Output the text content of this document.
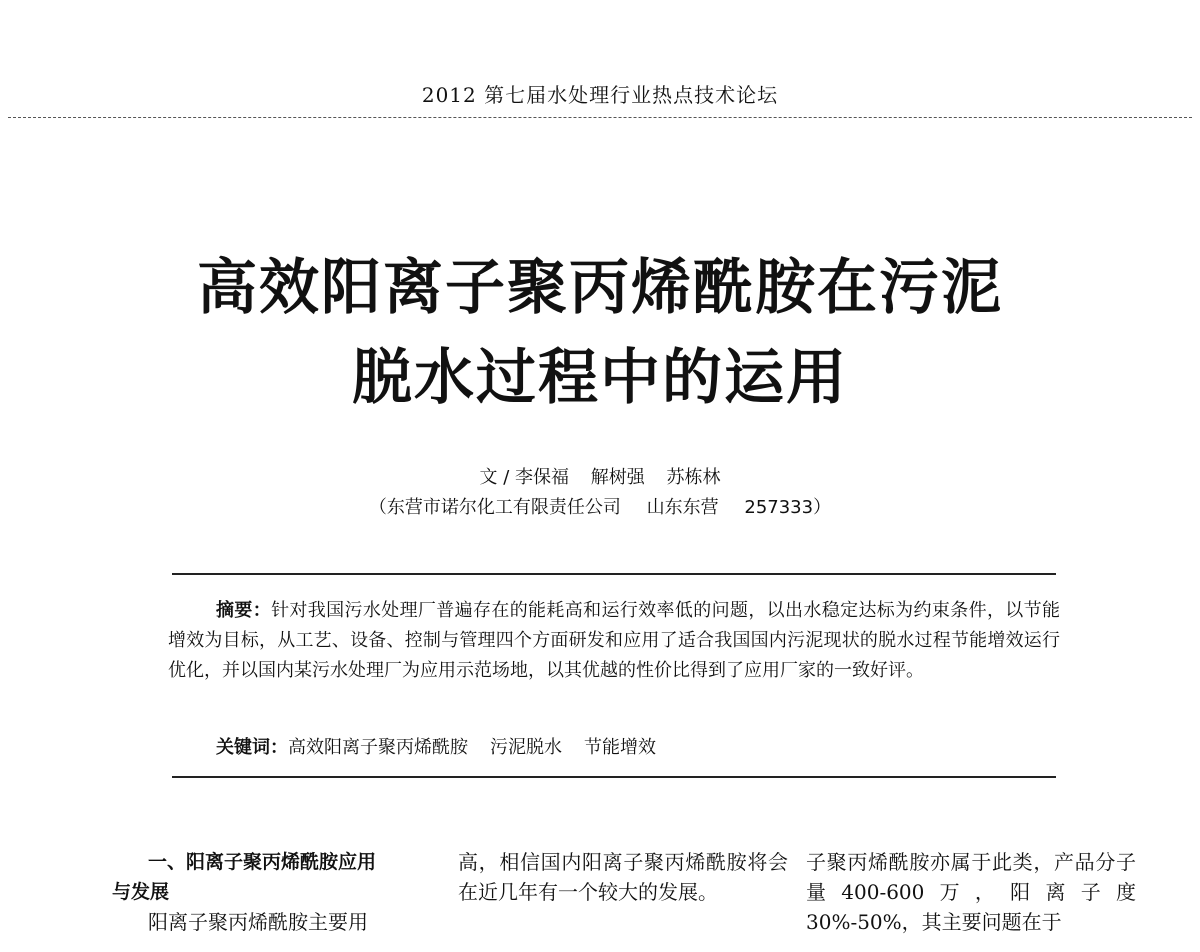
2012 第七届水处理行业热点技术论坛
高效阳离子聚丙烯酰胺在污泥
脱水过程中的运用
文 / 李保福 解树强 苏栋林
（东营市诺尔化工有限责任公司 山东东营 257333）
摘要：针对我国污水处理厂普遍存在的能耗高和运行效率低的问题，以出水稳定达标为约束条件，以节能增效为目标，从工艺、设备、控制与管理四个方面研发和应用了适合我国国内污泥现状的脱水过程节能增效运行优化，并以国内某污水处理厂为应用示范场地，以其优越的性价比得到了应用厂家的一致好评。
关键词：高效阳离子聚丙烯酰胺 污泥脱水 节能增效
一、阳离子聚丙烯酰胺应用
与发展
阳离子聚丙烯酰胺主要用
高，相信国内阳离子聚丙烯酰胺将会在近几年有一个较大的发展。
子聚丙烯酰胺亦属于此类，产品分子量400-600万，阳离子度30%-50%，其主要问题在于
